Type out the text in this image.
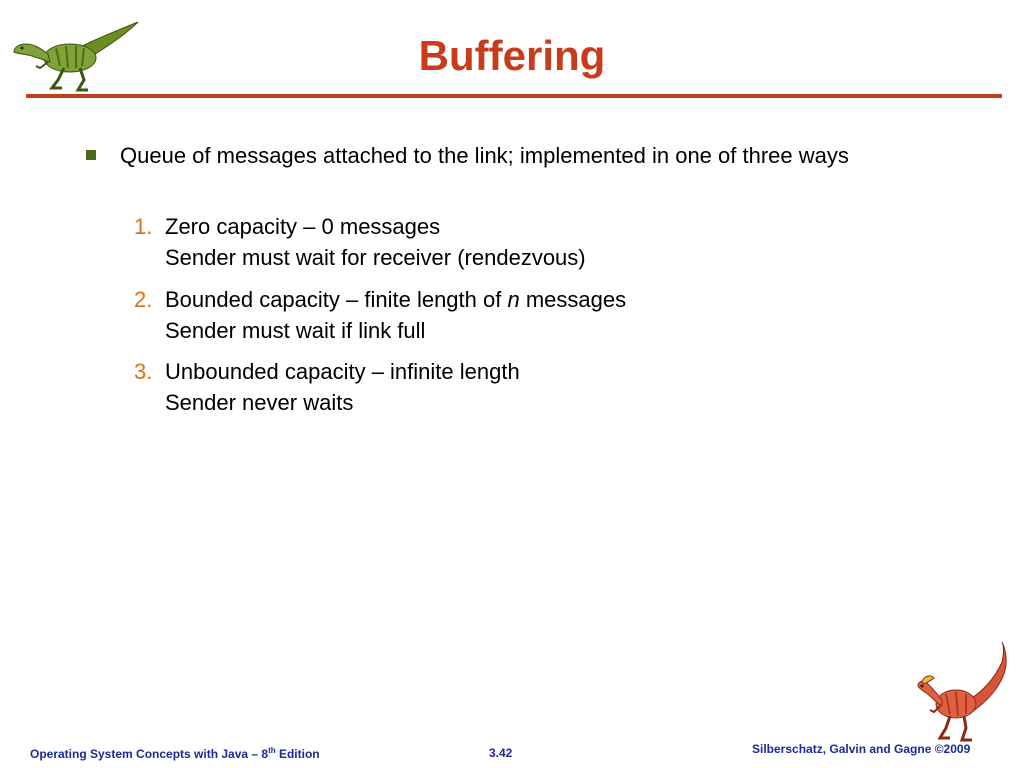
Buffering
Queue of messages attached to the link; implemented in one of three ways
1. Zero capacity – 0 messages
Sender must wait for receiver (rendezvous)
2. Bounded capacity – finite length of n messages
Sender must wait if link full
3. Unbounded capacity – infinite length
Sender never waits
Operating System Concepts with Java – 8th Edition	3.42	Silberschatz, Galvin and Gagne ©2009
